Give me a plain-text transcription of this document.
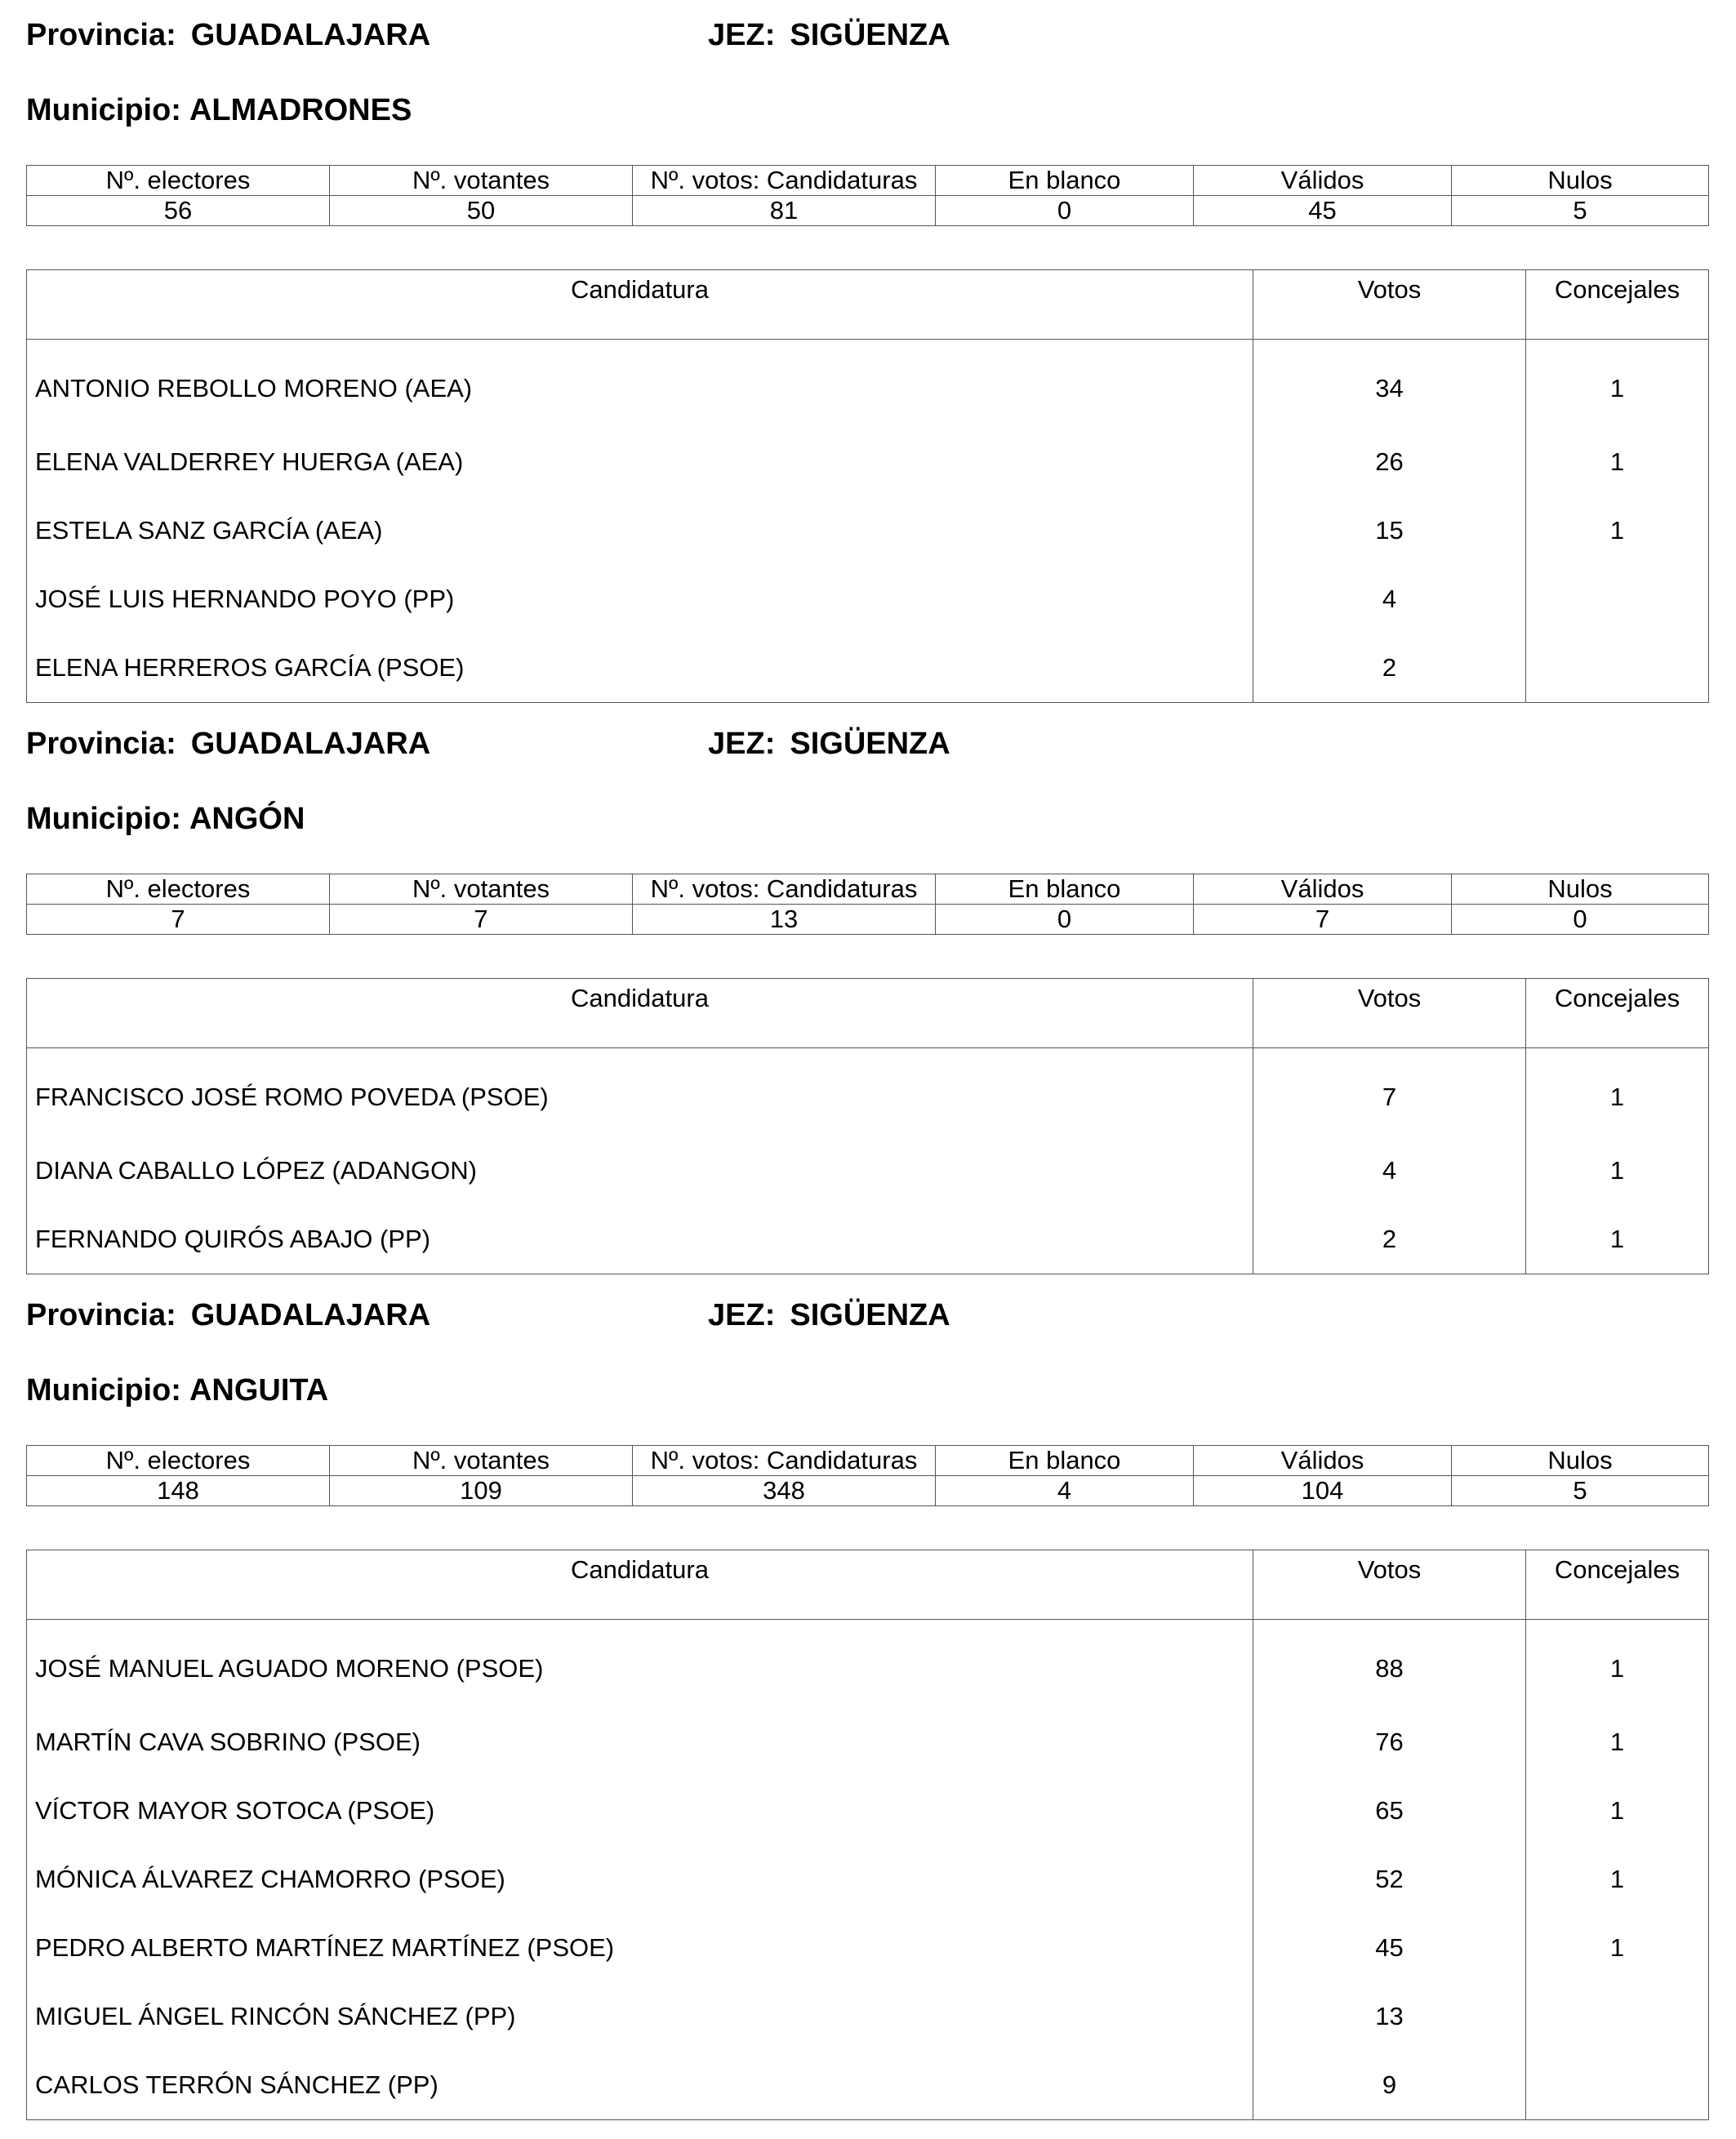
Provincia: GUADALAJARA	JEZ: SIGÜENZA
Municipio: ALMADRONES
Nº. electores	Nº. votantes	Nº. votos: Candidaturas	En blanco	Válidos	Nulos
56	50	81	0	45	5
Candidatura	Votos	Concejales
ANTONIO REBOLLO MORENO (AEA)	34	1
ELENA VALDERREY HUERGA (AEA)	26	1
ESTELA SANZ GARCÍA (AEA)	15	1
JOSÉ LUIS HERNANDO POYO (PP)	4	
ELENA HERREROS GARCÍA (PSOE)	2	
Provincia: GUADALAJARA	JEZ: SIGÜENZA
Municipio: ANGÓN
Nº. electores	Nº. votantes	Nº. votos: Candidaturas	En blanco	Válidos	Nulos
7	7	13	0	7	0
Candidatura	Votos	Concejales
FRANCISCO JOSÉ ROMO POVEDA (PSOE)	7	1
DIANA CABALLO LÓPEZ (ADANGON)	4	1
FERNANDO QUIRÓS ABAJO (PP)	2	1
Provincia: GUADALAJARA	JEZ: SIGÜENZA
Municipio: ANGUITA
Nº. electores	Nº. votantes	Nº. votos: Candidaturas	En blanco	Válidos	Nulos
148	109	348	4	104	5
Candidatura	Votos	Concejales
JOSÉ MANUEL AGUADO MORENO (PSOE)	88	1
MARTÍN CAVA SOBRINO (PSOE)	76	1
VÍCTOR MAYOR SOTOCA (PSOE)	65	1
MÓNICA ÁLVAREZ CHAMORRO (PSOE)	52	1
PEDRO ALBERTO MARTÍNEZ MARTÍNEZ (PSOE)	45	1
MIGUEL ÁNGEL RINCÓN SÁNCHEZ (PP)	13	
CARLOS TERRÓN SÁNCHEZ (PP)	9	
